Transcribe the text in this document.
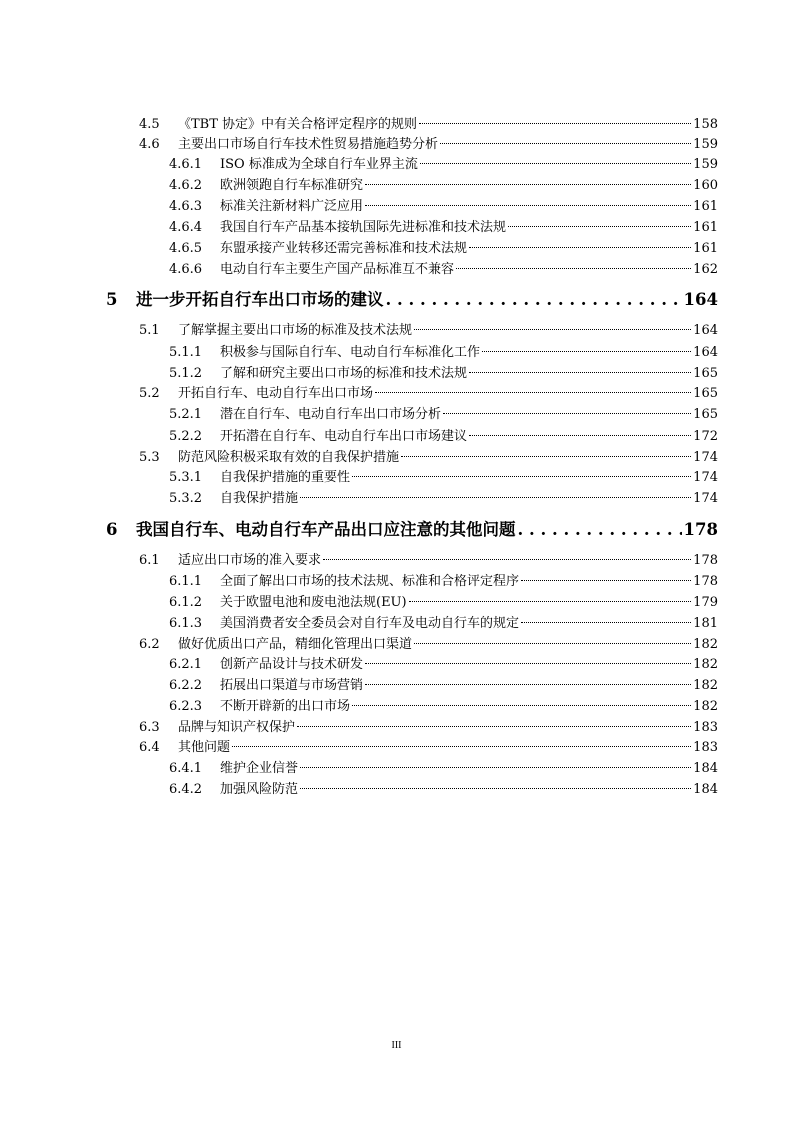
4.5	《TBT 协定》中有关合格评定程序的规则	158
4.6	主要出口市场自行车技术性贸易措施趋势分析	159
4.6.1	ISO 标准成为全球自行车业界主流	159
4.6.2	欧洲领跑自行车标准研究	160
4.6.3	标准关注新材料广泛应用	161
4.6.4	我国自行车产品基本接轨国际先进标准和技术法规	161
4.6.5	东盟承接产业转移还需完善标准和技术法规	161
4.6.6	电动自行车主要生产国产品标准互不兼容	162
5	进一步开拓自行车出口市场的建议 . . .	164
5.1	了解掌握主要出口市场的标准及技术法规	164
5.1.1	积极参与国际自行车、电动自行车标准化工作	164
5.1.2	了解和研究主要出口市场的标准和技术法规	165
5.2	开拓自行车、电动自行车出口市场	165
5.2.1	潜在自行车、电动自行车出口市场分析	165
5.2.2	开拓潜在自行车、电动自行车出口市场建议	172
5.3	防范风险积极采取有效的自我保护措施	174
5.3.1	自我保护措施的重要性	174
5.3.2	自我保护措施	174
6	我国自行车、电动自行车产品出口应注意的其他问题 . . .	178
6.1	适应出口市场的准入要求	178
6.1.1	全面了解出口市场的技术法规、标准和合格评定程序	178
6.1.2	关于欧盟电池和废电池法规(EU)	179
6.1.3	美国消费者安全委员会对自行车及电动自行车的规定	181
6.2	做好优质出口产品，精细化管理出口渠道	182
6.2.1	创新产品设计与技术研发	182
6.2.2	拓展出口渠道与市场营销	182
6.2.3	不断开辟新的出口市场	182
6.3	品牌与知识产权保护	183
6.4	其他问题	183
6.4.1	维护企业信誉	184
6.4.2	加强风险防范	184
III
